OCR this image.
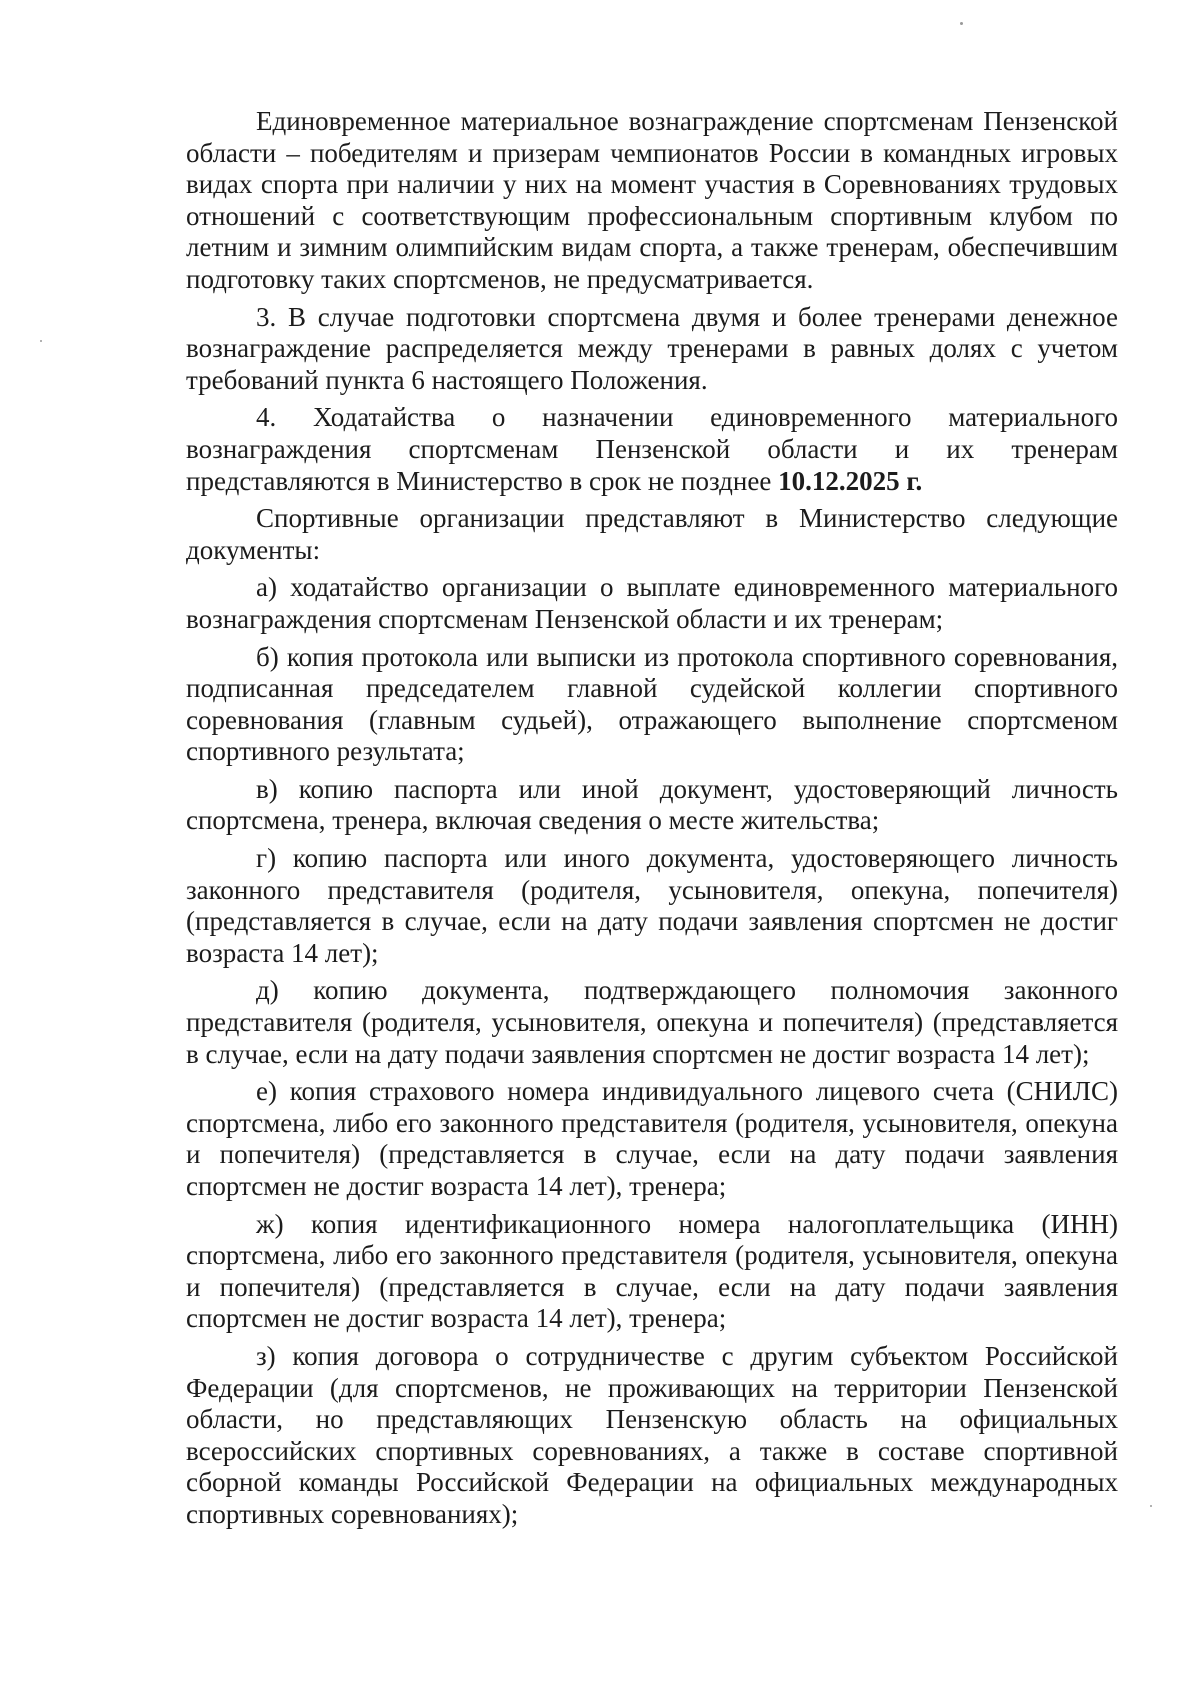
Единовременное материальное вознаграждение спортсменам Пензенской области – победителям и призерам чемпионатов России в командных игровых видах спорта при наличии у них на момент участия в Соревнованиях трудовых отношений с соответствующим профессиональным спортивным клубом по летним и зимним олимпийским видам спорта, а также тренерам, обеспечившим подготовку таких спортсменов, не предусматривается.

3. В случае подготовки спортсмена двумя и более тренерами денежное вознаграждение распределяется между тренерами в равных долях с учетом требований пункта 6 настоящего Положения.

4. Ходатайства о назначении единовременного материального вознаграждения спортсменам Пензенской области и их тренерам представляются в Министерство в срок не позднее 10.12.2025 г.

Спортивные организации представляют в Министерство следующие документы:

а) ходатайство организации о выплате единовременного материального вознаграждения спортсменам Пензенской области и их тренерам;

б) копия протокола или выписки из протокола спортивного соревнования, подписанная председателем главной судейской коллегии спортивного соревнования (главным судьей), отражающего выполнение спортсменом спортивного результата;

в) копию паспорта или иной документ, удостоверяющий личность спортсмена, тренера, включая сведения о месте жительства;

г) копию паспорта или иного документа, удостоверяющего личность законного представителя (родителя, усыновителя, опекуна, попечителя) (представляется в случае, если на дату подачи заявления спортсмен не достиг возраста 14 лет);

д) копию документа, подтверждающего полномочия законного представителя (родителя, усыновителя, опекуна и попечителя) (представляется в случае, если на дату подачи заявления спортсмен не достиг возраста 14 лет);

е) копия страхового номера индивидуального лицевого счета (СНИЛС) спортсмена, либо его законного представителя (родителя, усыновителя, опекуна и попечителя) (представляется в случае, если на дату подачи заявления спортсмен не достиг возраста 14 лет), тренера;

ж) копия идентификационного номера налогоплательщика (ИНН) спортсмена, либо его законного представителя (родителя, усыновителя, опекуна и попечителя) (представляется в случае, если на дату подачи заявления спортсмен не достиг возраста 14 лет), тренера;

з) копия договора о сотрудничестве с другим субъектом Российской Федерации (для спортсменов, не проживающих на территории Пензенской области, но представляющих Пензенскую область на официальных всероссийских спортивных соревнованиях, а также в составе спортивной сборной команды Российской Федерации на официальных международных спортивных соревнованиях);
